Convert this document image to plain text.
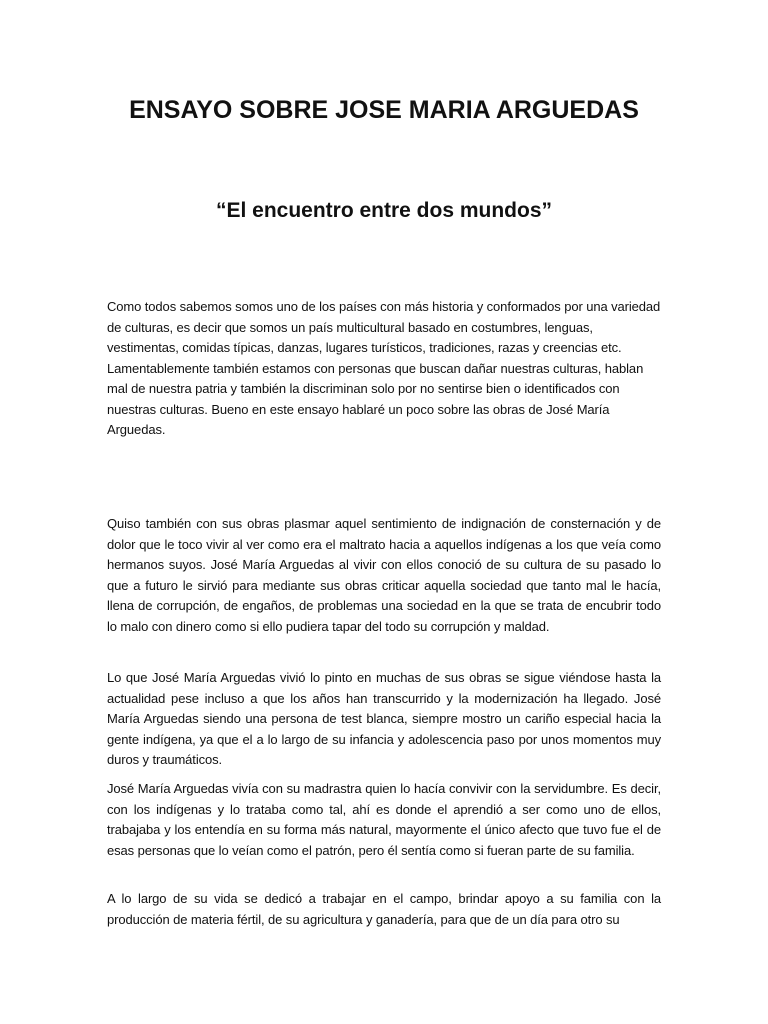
ENSAYO SOBRE JOSE MARIA ARGUEDAS
“El encuentro entre dos mundos”

Como todos sabemos somos uno de los países con más historia y conformados por una variedad de culturas, es decir que somos un país multicultural basado en costumbres, lenguas, vestimentas, comidas típicas, danzas, lugares turísticos, tradiciones, razas y creencias etc. Lamentablemente también estamos con personas que buscan dañar nuestras culturas, hablan mal de nuestra patria y también la discriminan solo por no sentirse bien o identificados con nuestras culturas. Bueno en este ensayo hablaré un poco sobre las obras de José María Arguedas.

Quiso también con sus obras plasmar aquel sentimiento de indignación de consternación y de dolor que le toco vivir al ver como era el maltrato hacia a aquellos indígenas a los que veía como hermanos suyos. José María Arguedas al vivir con ellos conoció de su cultura de su pasado lo que a futuro le sirvió para mediante sus obras criticar aquella sociedad que tanto mal le hacía, llena de corrupción, de engaños, de problemas una sociedad en la que se trata de encubrir todo lo malo con dinero como si ello pudiera tapar del todo su corrupción y maldad.

Lo que José María Arguedas vivió lo pinto en muchas de sus obras se sigue viéndose hasta la actualidad pese incluso a que los años han transcurrido y la modernización ha llegado. José María Arguedas siendo una persona de test blanca, siempre mostro un cariño especial hacia la gente indígena, ya que el a lo largo de su infancia y adolescencia paso por unos momentos muy duros y traumáticos.

José María Arguedas vivía con su madrastra quien lo hacía convivir con la servidumbre. Es decir, con los indígenas y lo trataba como tal, ahí es donde el aprendió a ser como uno de ellos, trabajaba y los entendía en su forma más natural, mayormente el único afecto que tuvo fue el de esas personas que lo veían como el patrón, pero él sentía como si fueran parte de su familia.

A lo largo de su vida se dedicó a trabajar en el campo, brindar apoyo a su familia con la producción de materia fértil, de su agricultura y ganadería, para que de un día para otro su
